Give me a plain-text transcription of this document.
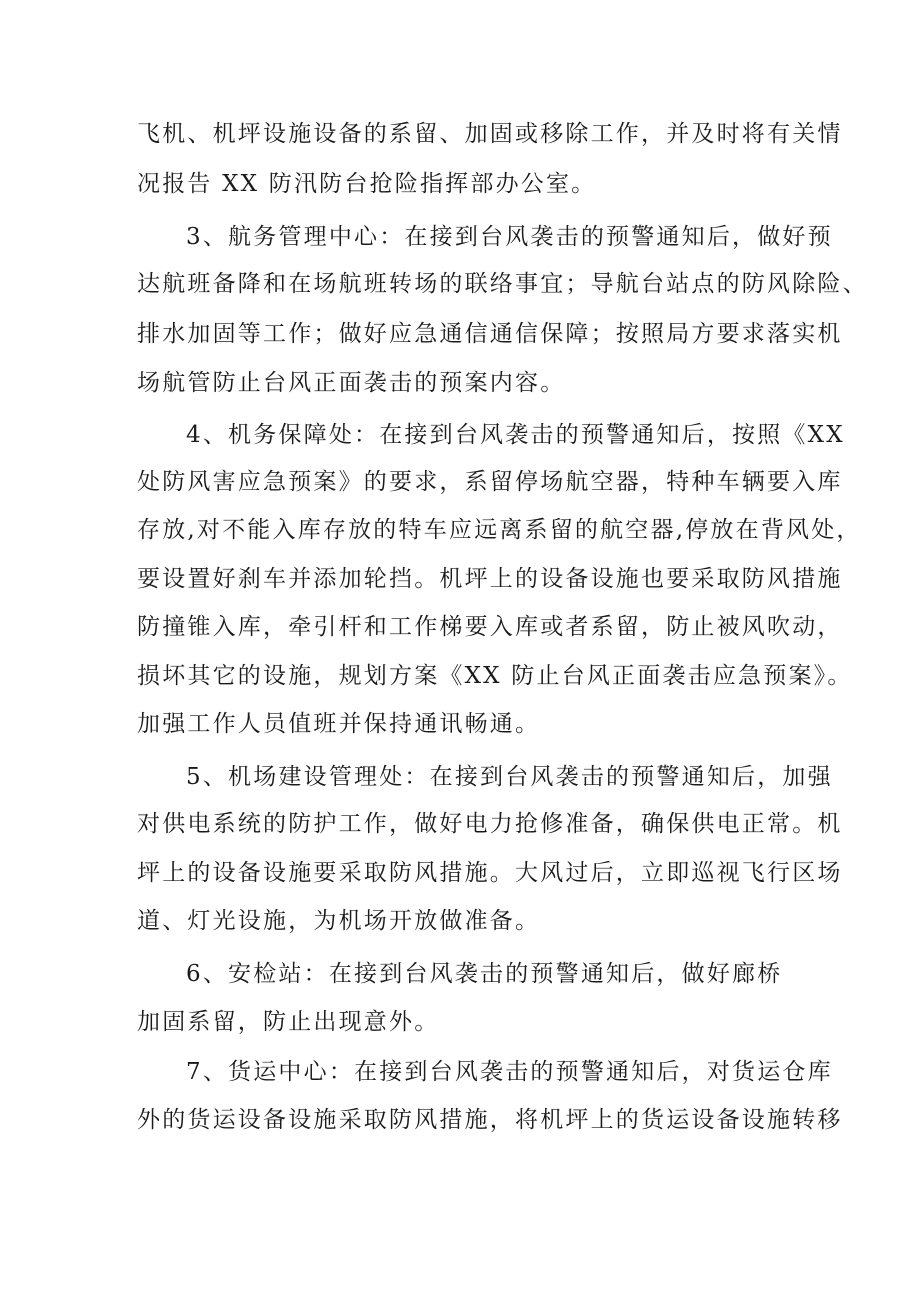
飞机、机坪设施设备的系留、加固或移除工作，并及时将有关情
况报告 XX 防汛防台抢险指挥部办公室。
3、航务管理中心：在接到台风袭击的预警通知后，做好预
达航班备降和在场航班转场的联络事宜；导航台站点的防风除险、
排水加固等工作；做好应急通信通信保障；按照局方要求落实机
场航管防止台风正面袭击的预案内容。
4、机务保障处：在接到台风袭击的预警通知后，按照《XX
处防风害应急预案》的要求，系留停场航空器，特种车辆要入库
存放,对不能入库存放的特车应远离系留的航空器,停放在背风处，
要设置好刹车并添加轮挡。机坪上的设备设施也要采取防风措施
防撞锥入库，牵引杆和工作梯要入库或者系留，防止被风吹动，
损坏其它的设施，规划方案《XX 防止台风正面袭击应急预案》。
加强工作人员值班并保持通讯畅通。
5、机场建设管理处：在接到台风袭击的预警通知后，加强
对供电系统的防护工作，做好电力抢修准备，确保供电正常。机
坪上的设备设施要采取防风措施。大风过后，立即巡视飞行区场
道、灯光设施，为机场开放做准备。
6、安检站：在接到台风袭击的预警通知后，做好廊桥
加固系留，防止出现意外。
7、货运中心：在接到台风袭击的预警通知后，对货运仓库
外的货运设备设施采取防风措施，将机坪上的货运设备设施转移
